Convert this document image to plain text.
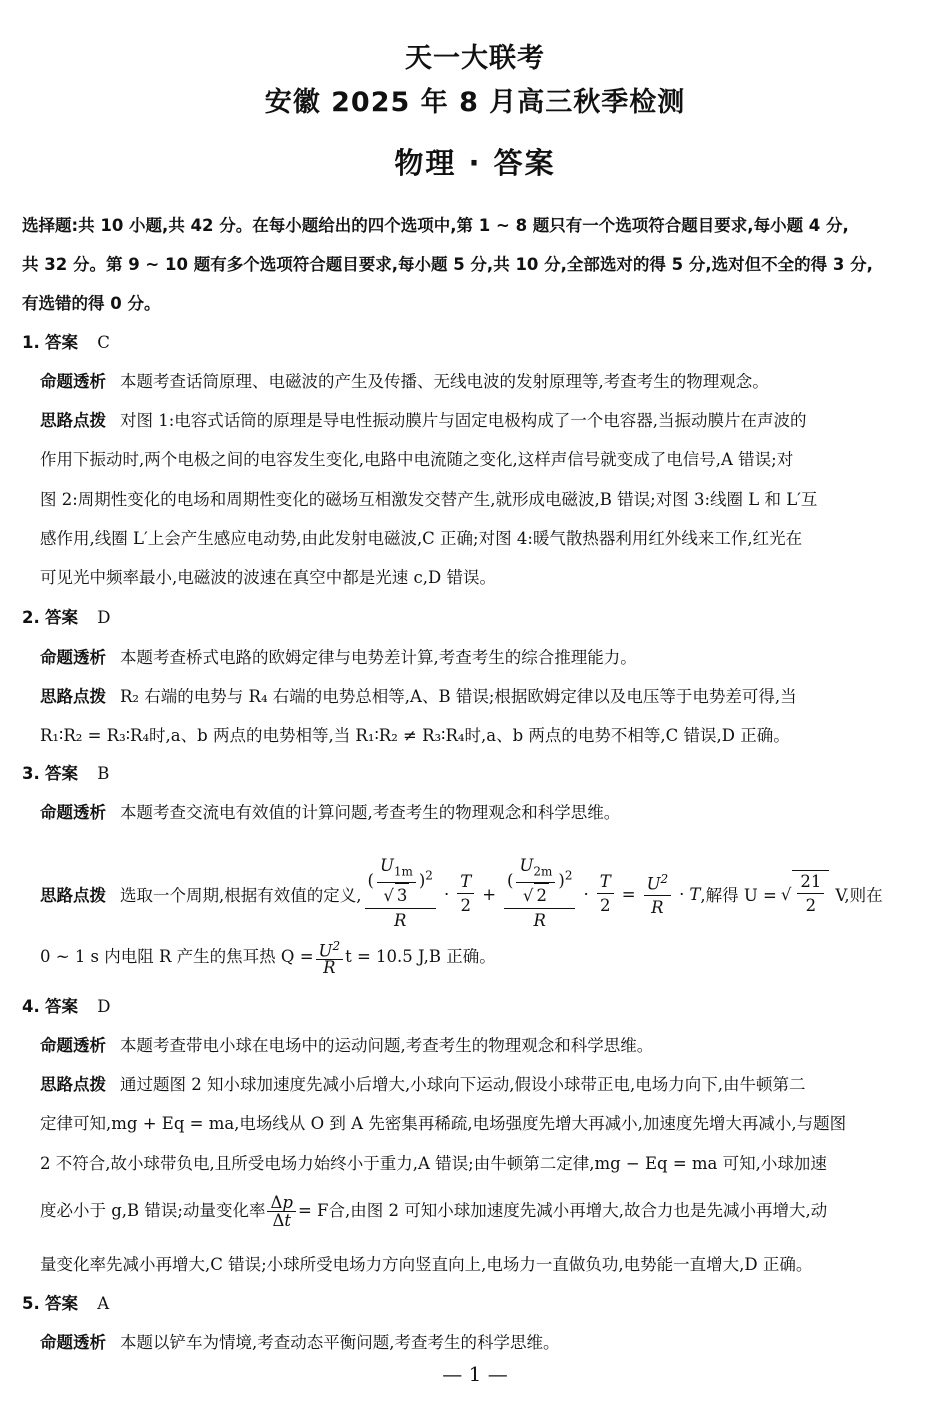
天一大联考
安徽 2025 年 8 月高三秋季检测
物理 · 答案
选择题:共 10 小题,共 42 分。在每小题给出的四个选项中,第 1 ~ 8 题只有一个选项符合题目要求,每小题 4 分,
共 32 分。第 9 ~ 10 题有多个选项符合题目要求,每小题 5 分,共 10 分,全部选对的得 5 分,选对但不全的得 3 分,
有选错的得 0 分。
1. 答案 C
命题透析 本题考查话筒原理、电磁波的产生及传播、无线电波的发射原理等,考查考生的物理观念。
思路点拨 对图 1:电容式话筒的原理是导电性振动膜片与固定电极构成了一个电容器,当振动膜片在声波的
作用下振动时,两个电极之间的电容发生变化,电路中电流随之变化,这样声信号就变成了电信号,A 错误;对
图 2:周期性变化的电场和周期性变化的磁场互相激发交替产生,就形成电磁波,B 错误;对图 3:线圈 L 和 L′互
感作用,线圈 L′上会产生感应电动势,由此发射电磁波,C 正确;对图 4:暖气散热器利用红外线来工作,红光在
可见光中频率最小,电磁波的波速在真空中都是光速 c,D 错误。
2. 答案 D
命题透析 本题考查桥式电路的欧姆定律与电势差计算,考查考生的综合推理能力。
思路点拨 R₂ 右端的电势与 R₄ 右端的电势总相等,A、B 错误;根据欧姆定律以及电压等于电势差可得,当
R₁∶R₂ = R₃∶R₄时,a、b 两点的电势相等,当 R₁∶R₂ ≠ R₃∶R₄时,a、b 两点的电势不相等,C 错误,D 正确。
3. 答案 B
命题透析 本题考查交流电有效值的计算问题,考查考生的物理观念和科学思维。
思路点拨 选取一个周期,根据有效值的定义, $\frac{( \frac{U_{1m}}{√ 3} )^2}{R} \cdot \frac{T}{2} + \frac{( \frac{U_{2m}}{√ 2} )^2}{R} \cdot \frac{T}{2} = \frac{U^2}{R} \cdot T$ ,解得 U = √ $\frac{21}{2} V$,则在
0 ~ 1 s 内电阻 R 产生的焦耳热 $Q = \frac{U^2}{R}$ t = 10.5 J,B 正确。
4. 答案 D
命题透析 本题考查带电小球在电场中的运动问题,考查考生的物理观念和科学思维。
思路点拨 通过题图 2 知小球加速度先减小后增大,小球向下运动,假设小球带正电,电场力向下,由牛顿第二
定律可知,mg + Eq = ma,电场线从 O 到 A 先密集再稀疏,电场强度先增大再减小,加速度先增大再减小,与题图
2 不符合,故小球带负电,且所受电场力始终小于重力,A 错误;由牛顿第二定律,mg − Eq = ma 可知,小球加速
度必小于 g,B 错误;动量变化率 $\frac{\Delta p}{\Delta t} = F$合,由图 2 可知小球加速度先减小再增大,故合力也是先减小再增大,动
量变化率先减小再增大,C 错误;小球所受电场力方向竖直向上,电场力一直做负功,电势能一直增大,D 正确。
5. 答案 A
命题透析 本题以铲车为情境,考查动态平衡问题,考查考生的科学思维。
— 1 —
